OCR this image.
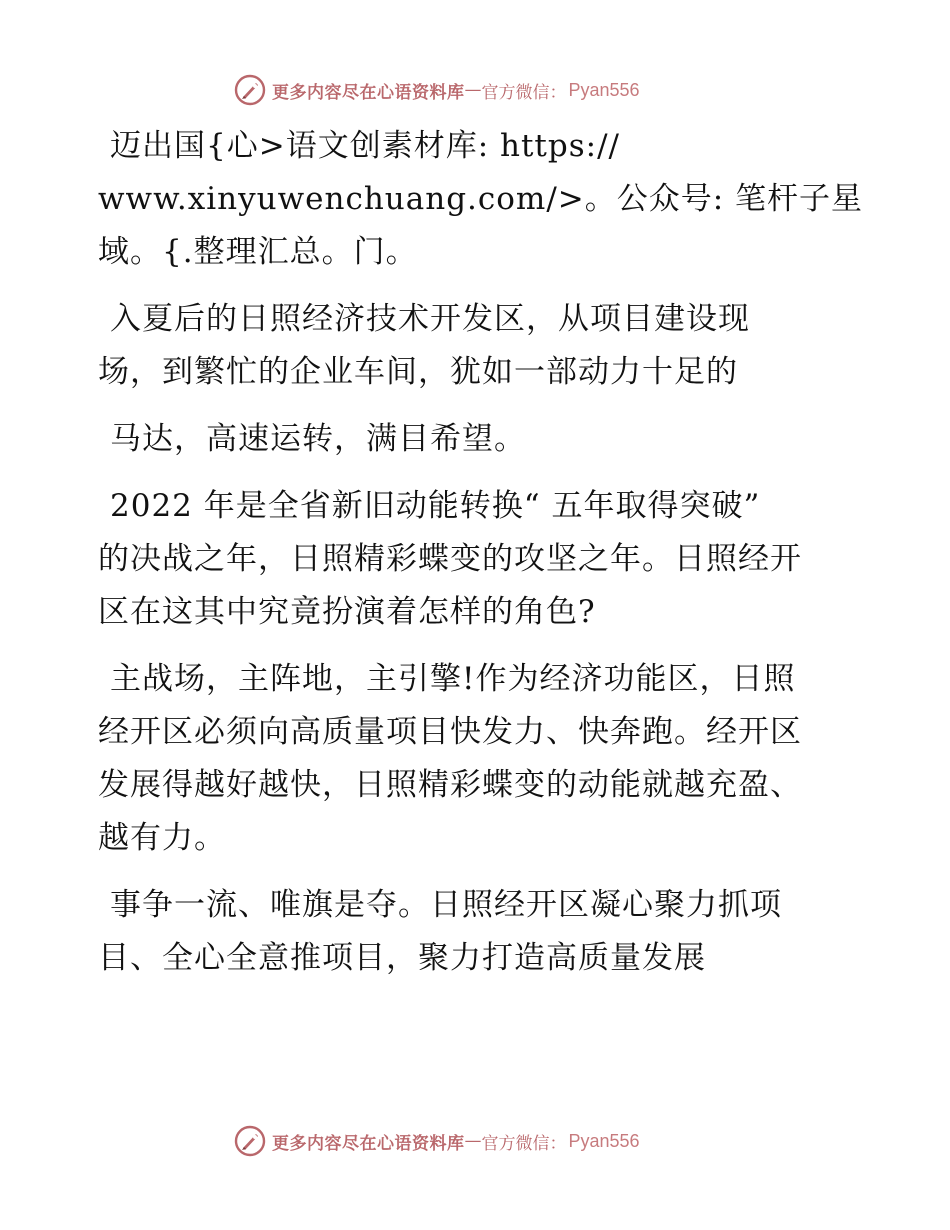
更多内容尽在心语资料库 — 官方微信： Pyan556

迈出国{心>语文创素材库: https://
www.xinyuwenchuang.com/>。公众号: 笔杆子星
域。{.整理汇总。门。

入夏后的日照经济技术开发区，从项目建设现
场，到繁忙的企业车间，犹如一部动力十足的

马达，高速运转，满目希望。

2022 年是全省新旧动能转换“ 五年取得突破”
的决战之年，日照精彩蝶变的攻坚之年。日照经开
区在这其中究竟扮演着怎样的角色?

主战场，主阵地，主引擎!作为经济功能区，日照
经开区必须向高质量项目快发力、快奔跑。经开区
发展得越好越快，日照精彩蝶变的动能就越充盈、
越有力。

事争一流、唯旗是夺。日照经开区凝心聚力抓项
目、全心全意推项目，聚力打造高质量发展

更多内容尽在心语资料库 — 官方微信： Pyan556
